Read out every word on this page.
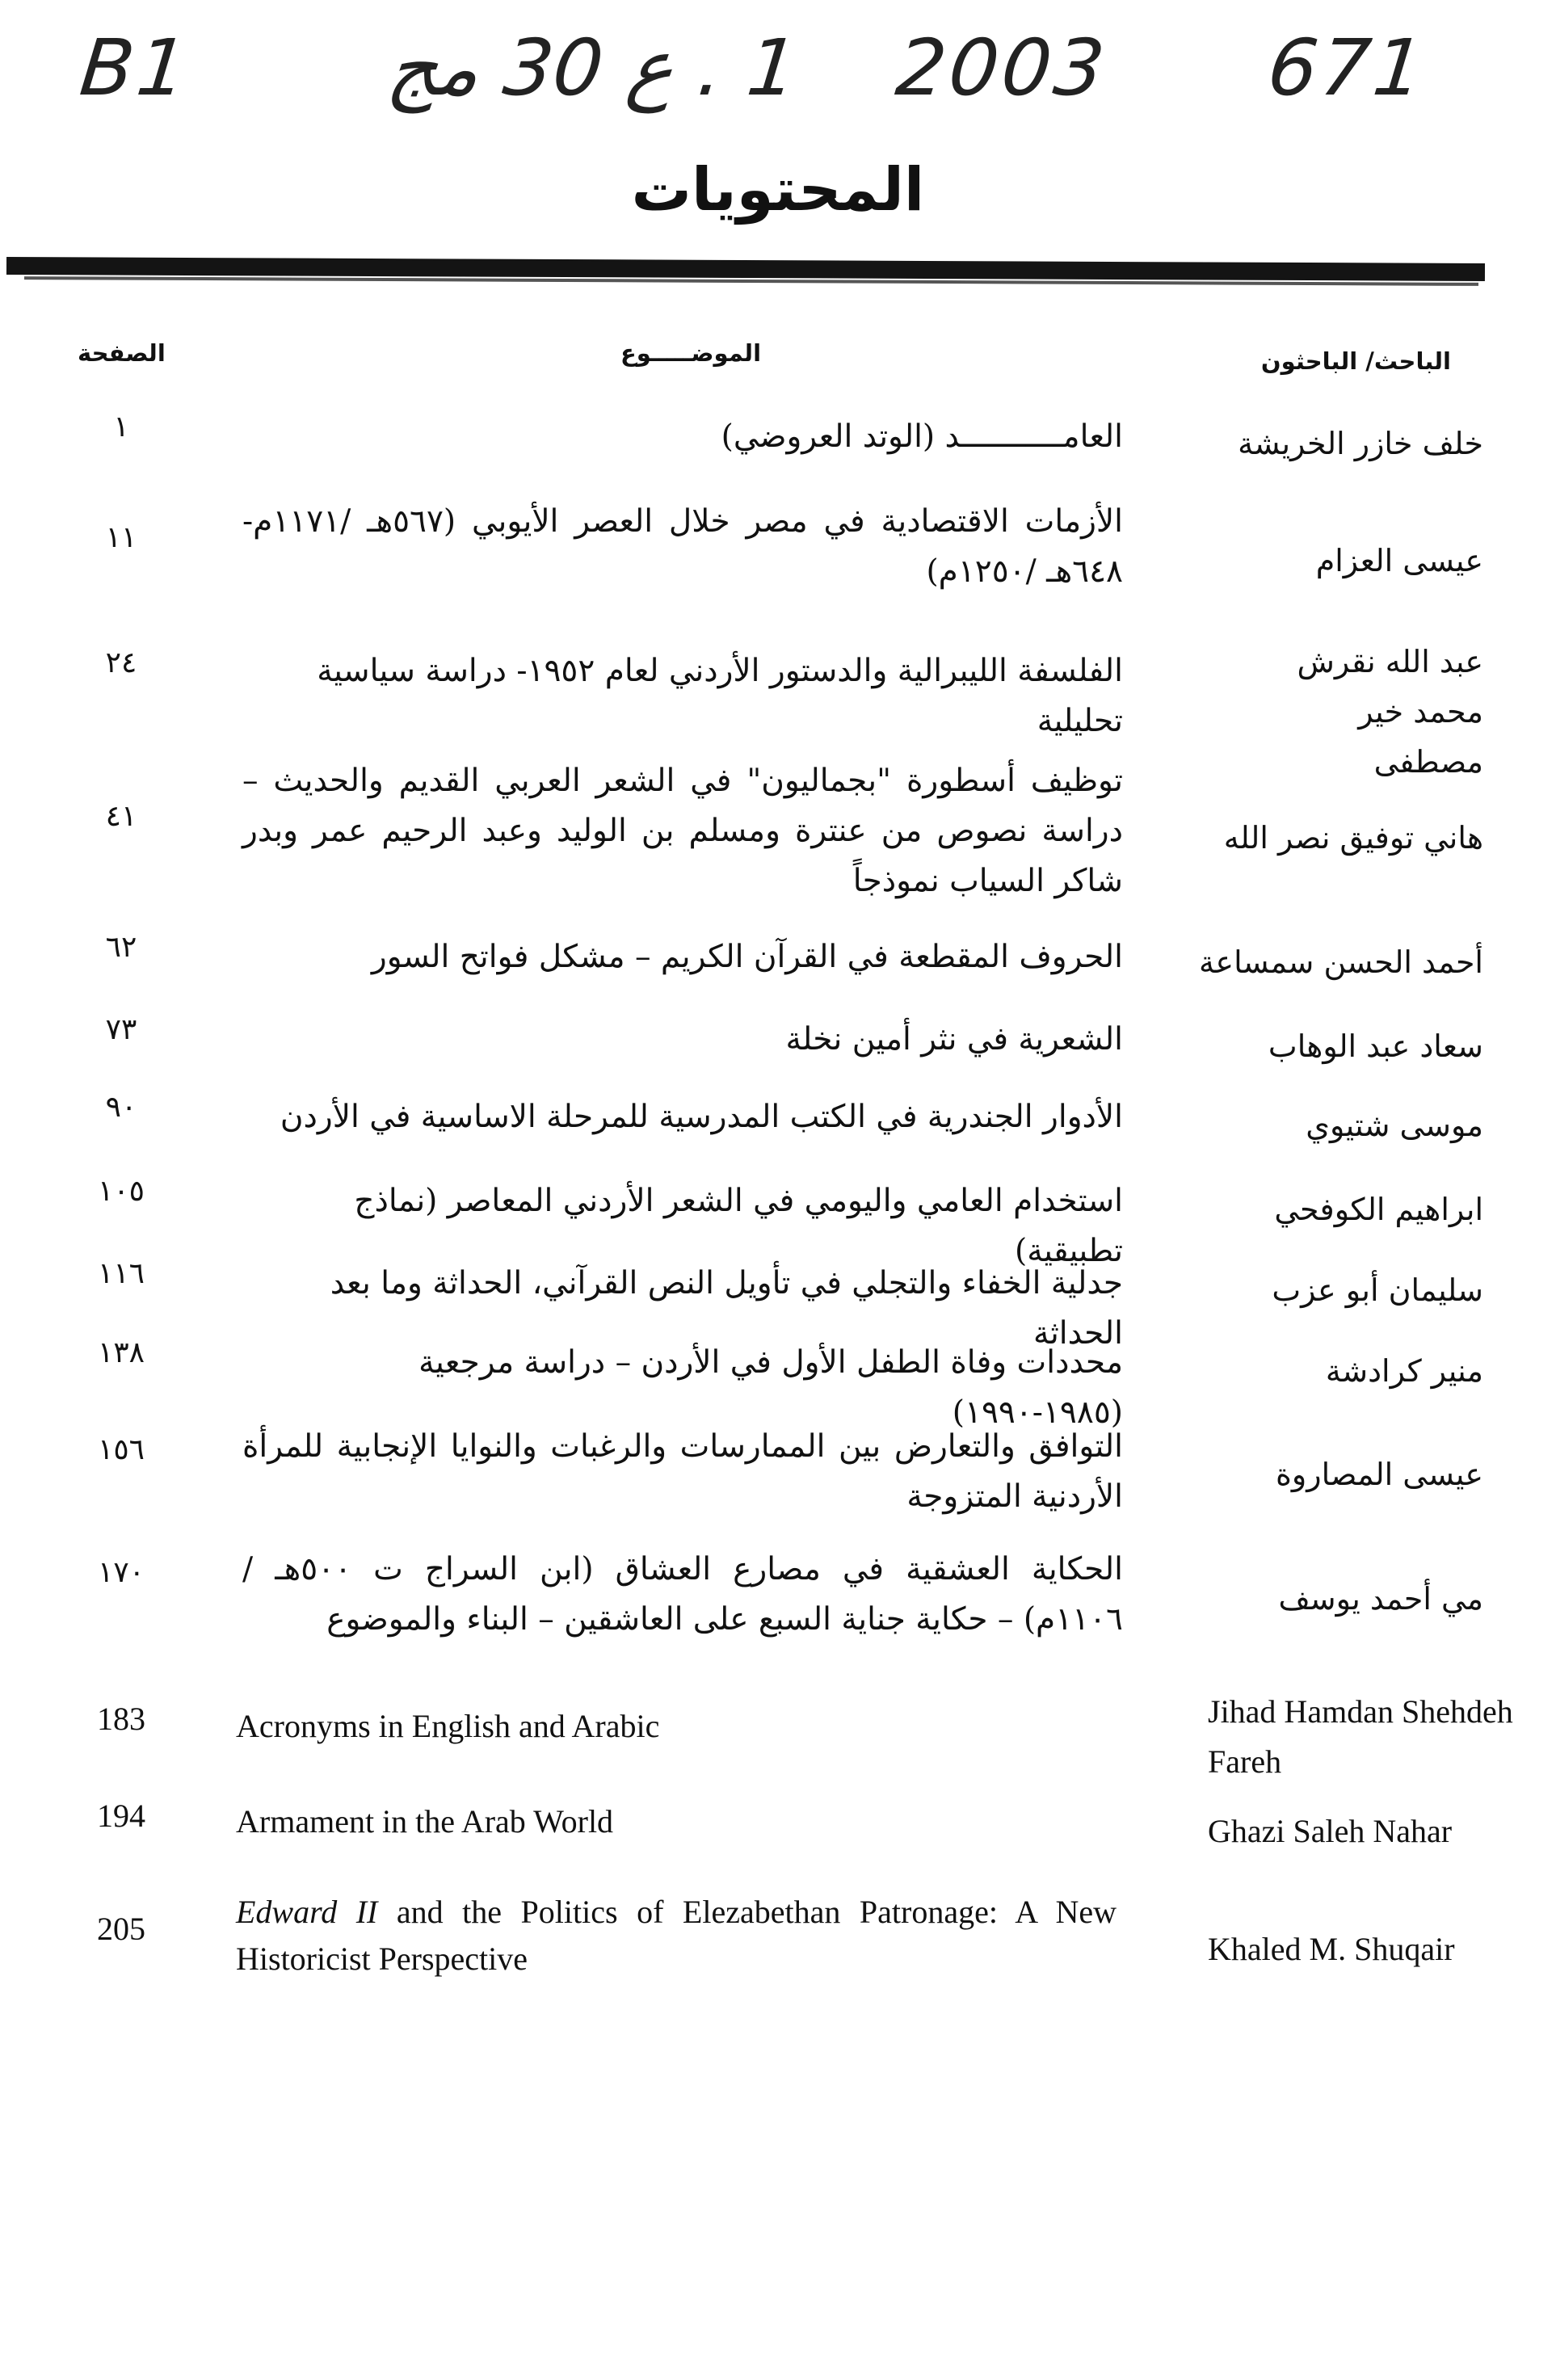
B1 1 . ع 30 مج 2003 671
المحتويات
الباحث/ الباحثون
الموضـــــوع
الصفحة
خلف خازر الخريشة
العامـــــــــــد (الوتد العروضي)
١
عيسى العزام
الأزمات الاقتصادية في مصر خلال العصر الأيوبي (٥٦٧هـ /١١٧١م- ٦٤٨هـ /١٢٥٠م)
١١
عبد الله نقرش محمد خير مصطفى
الفلسفة الليبرالية والدستور الأردني لعام ١٩٥٢- دراسة سياسية تحليلية
٢٤
هاني توفيق نصر الله
توظيف أسطورة "بجماليون" في الشعر العربي القديم والحديث – دراسة نصوص من عنترة ومسلم بن الوليد وعبد الرحيم عمر وبدر شاكر السياب نموذجاً
٤١
أحمد الحسن سمساعة
الحروف المقطعة في القرآن الكريم – مشكل فواتح السور
٦٢
سعاد عبد الوهاب
الشعرية في نثر أمين نخلة
٧٣
موسى شتيوي
الأدوار الجندرية في الكتب المدرسية للمرحلة الاساسية في الأردن
٩٠
ابراهيم الكوفحي
استخدام العامي واليومي في الشعر الأردني المعاصر (نماذج تطبيقية)
١٠٥
سليمان أبو عزب
جدلية الخفاء والتجلي في تأويل النص القرآني، الحداثة وما بعد الحداثة
١١٦
منير كرادشة
محددات وفاة الطفل الأول في الأردن – دراسة مرجعية (١٩٨٥-١٩٩٠)
١٣٨
عيسى المصاروة
التوافق والتعارض بين الممارسات والرغبات والنوايا الإنجابية للمرأة الأردنية المتزوجة
١٥٦
مي أحمد يوسف
الحكاية العشقية في مصارع العشاق (ابن السراج ت ٥٠٠هـ / ١١٠٦م) – حكاية جناية السبع على العاشقين – البناء والموضوع
١٧٠
Jihad Hamdan Shehdeh Fareh
Acronyms in English and Arabic
183
Ghazi Saleh Nahar
Armament in the Arab World
194
Khaled M. Shuqair
Edward II and the Politics of Elezabethan Patronage: A New Historicist Perspective
205
